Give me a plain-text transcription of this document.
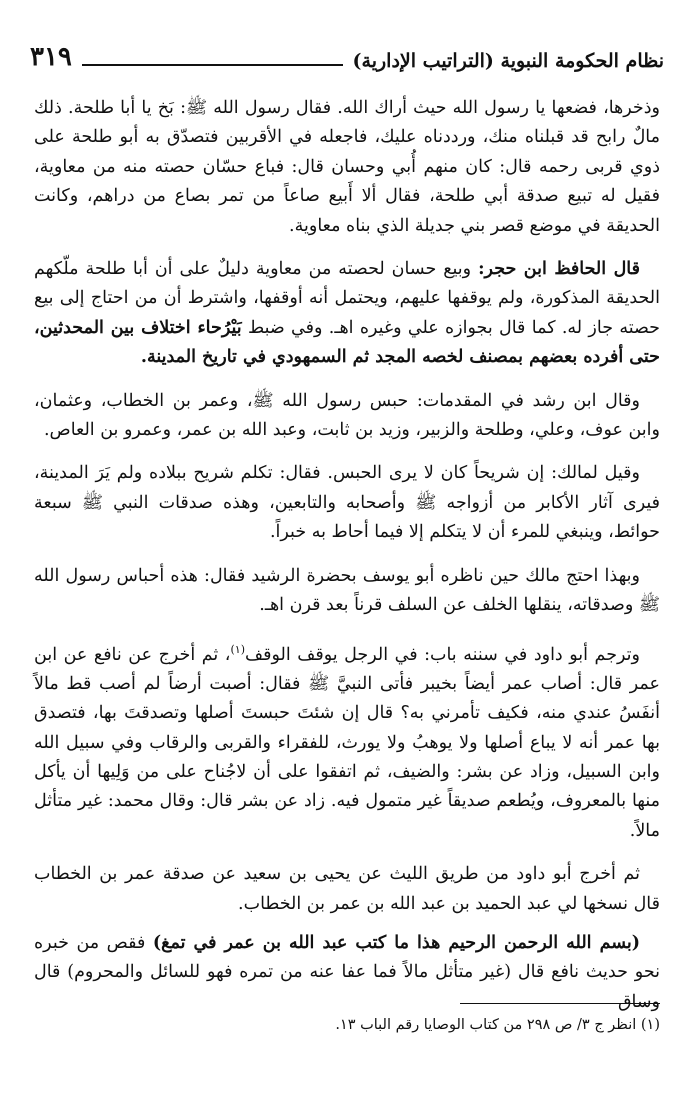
نظام الحكومة النبوية (التراتيب الإدارية)
٣١٩

وذخرها، فضعها يا رسول الله حيث أراك الله. فقال رسول الله ﷺ: بَخ يا أبا طلحة. ذلك مالٌ رابح قد قبلناه منك، ورددناه عليك، فاجعله في الأقربين فتصدّق به أبو طلحة على ذوي قربى رحمه قال: كان منهم أُبي وحسان قال: فباع حسّان حصته منه من معاوية، فقيل له تبيع صدقة أبي طلحة، فقال ألا أَبيع صاعاً من تمر بصاع من دراهم، وكانت الحديقة في موضع قصر بني جديلة الذي بناه معاوية.

قال الحافظ ابن حجر: وبيع حسان لحصته من معاوية دليلٌ على أن أبا طلحة ملّكهم الحديقة المذكورة، ولم يوقفها عليهم، ويحتمل أنه أوقفها، واشترط أن من احتاج إلى بيع حصته جاز له. كما قال بجوازه علي وغيره اهـ. وفي ضبط بَيْرُحاء اختلاف بين المحدثين، حتى أفرده بعضهم بمصنف لخصه المجد ثم السمهودي في تاريخ المدينة.

وقال ابن رشد في المقدمات: حبس رسول الله ﷺ، وعمر بن الخطاب، وعثمان، وابن عوف، وعلي، وطلحة والزبير، وزيد بن ثابت، وعبد الله بن عمر، وعمرو بن العاص.

وقيل لمالك: إن شريحاً كان لا يرى الحبس. فقال: تكلم شريح ببلاده ولم يَرَ المدينة، فيرى آثار الأكابر من أزواجه ﷺ وأصحابه والتابعين، وهذه صدقات النبي ﷺ سبعة حوائط، وينبغي للمرء أن لا يتكلم إلا فيما أحاط به خبراً.

وبهذا احتج مالك حين ناظره أبو يوسف بحضرة الرشيد فقال: هذه أحباس رسول الله ﷺ وصدقاته، ينقلها الخلف عن السلف قرناً بعد قرن اهـ.

وترجم أبو داود في سننه باب: في الرجل يوقف الوقف$^{(١)}$، ثم أخرج عن نافع عن ابن عمر قال: أصاب عمر أيضاً بخيبر فأتى النبيَّ ﷺ فقال: أصبت أرضاً لم أصب قط مالاً أنفَسُ عندي منه، فكيف تأمرني به؟ قال إن شئتَ حبستَ أصلها وتصدقتَ بها، فتصدق بها عمر أنه لا يباع أصلها ولا يوهبُ ولا يورث، للفقراء والقربى والرقاب وفي سبيل الله وابن السبيل، وزاد عن بشر: والضيف، ثم اتفقوا على أن لاجُناح على من وَلِيها أن يأكل منها بالمعروف، ويُطعم صديقاً غير متمول فيه. زاد عن بشر قال: وقال محمد: غير متأثل مالاً.

ثم أخرج أبو داود من طريق الليث عن يحيى بن سعيد عن صدقة عمر بن الخطاب قال نسخها لي عبد الحميد بن عبد الله بن عمر بن الخطاب.

(بسم الله الرحمن الرحيم هذا ما كتب عبد الله بن عمر في تمغ) فقص من خبره نحو حديث نافع قال (غير متأثل مالاً فما عفا عنه من تمره فهو للسائل والمحروم) قال وساق

(١) انظر ج ٣/ ص ٢٩٨ من كتاب الوصايا رقم الباب ١٣.
